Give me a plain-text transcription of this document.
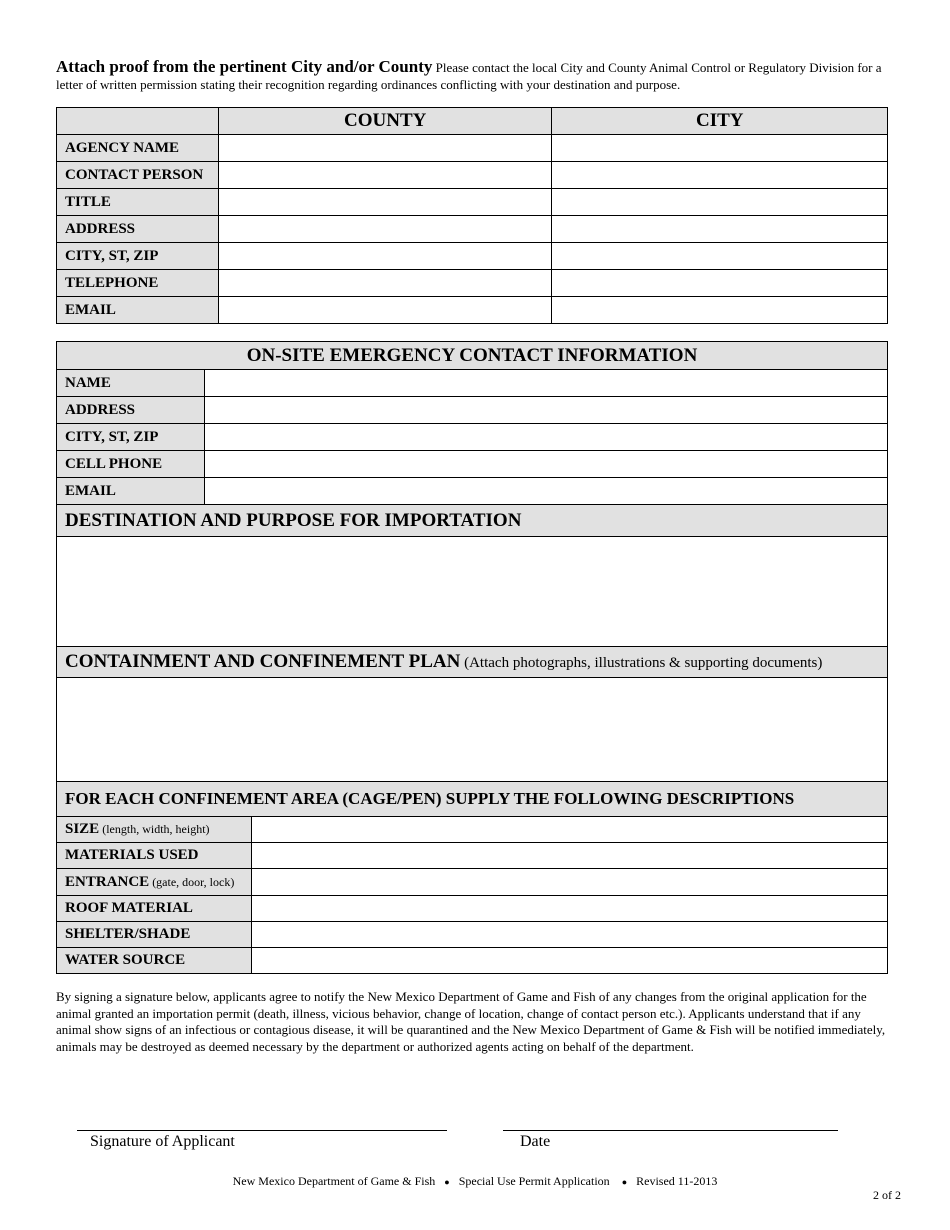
Attach proof from the pertinent City and/or County Please contact the local City and County Animal Control or Regulatory Division for a letter of written permission stating their recognition regarding ordinances conflicting with your destination and purpose.
	COUNTY	CITY
AGENCY NAME		
CONTACT PERSON		
TITLE		
ADDRESS		
CITY, ST, ZIP		
TELEPHONE		
EMAIL		
ON-SITE EMERGENCY CONTACT INFORMATION	
NAME	
ADDRESS	
CITY, ST, ZIP	
CELL PHONE	
EMAIL	
DESTINATION AND PURPOSE FOR IMPORTATION	

CONTAINMENT AND CONFINEMENT PLAN (Attach photographs, illustrations & supporting documents)	

FOR EACH CONFINEMENT AREA (CAGE/PEN) SUPPLY THE FOLLOWING DESCRIPTIONS	
SIZE (length, width, height)	
MATERIALS USED	
ENTRANCE (gate, door, lock)	
ROOF MATERIAL	
SHELTER/SHADE	
WATER SOURCE	
By signing a signature below, applicants agree to notify the New Mexico Department of Game and Fish of any changes from the original application for the animal granted an importation permit (death, illness, vicious behavior, change of location, change of contact person etc.). Applicants understand that if any animal show signs of an infectious or contagious disease, it will be quarantined and the New Mexico Department of Game & Fish will be notified immediately, animals may be destroyed as deemed necessary by the department or authorized agents acting on behalf of the department.
Signature of Applicant	Date
New Mexico Department of Game & Fish ● Special Use Permit Application ● Revised 11-2013
2 of 2
